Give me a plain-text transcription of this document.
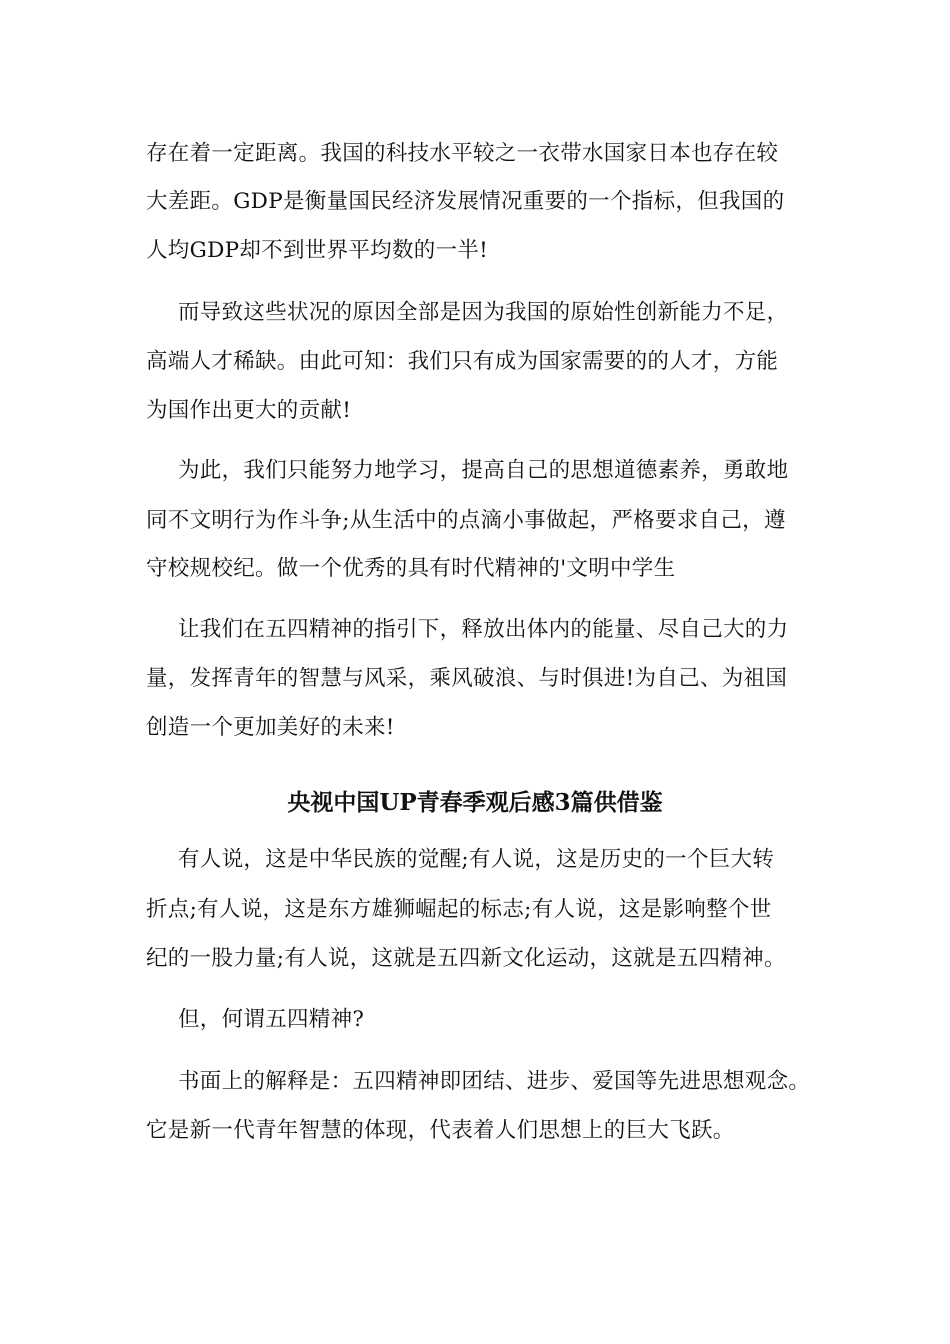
存在着一定距离。我国的科技水平较之一衣带水国家日本也存在较
大差距。GDP是衡量国民经济发展情况重要的一个指标，但我国的
人均GDP却不到世界平均数的一半!
而导致这些状况的原因全部是因为我国的原始性创新能力不足，
高端人才稀缺。由此可知：我们只有成为国家需要的的人才，方能
为国作出更大的贡献!
为此，我们只能努力地学习，提高自己的思想道德素养，勇敢地
同不文明行为作斗争;从生活中的点滴小事做起，严格要求自己，遵
守校规校纪。做一个优秀的具有时代精神的'文明中学生
让我们在五四精神的指引下，释放出体内的能量、尽自己大的力
量，发挥青年的智慧与风采，乘风破浪、与时俱进!为自己、为祖国
创造一个更加美好的未来!
央视中国UP青春季观后感3篇供借鉴
有人说，这是中华民族的觉醒;有人说，这是历史的一个巨大转
折点;有人说，这是东方雄狮崛起的标志;有人说，这是影响整个世
纪的一股力量;有人说，这就是五四新文化运动，这就是五四精神。
但，何谓五四精神?
书面上的解释是：五四精神即团结、进步、爱国等先进思想观念。
它是新一代青年智慧的体现，代表着人们思想上的巨大飞跃。
